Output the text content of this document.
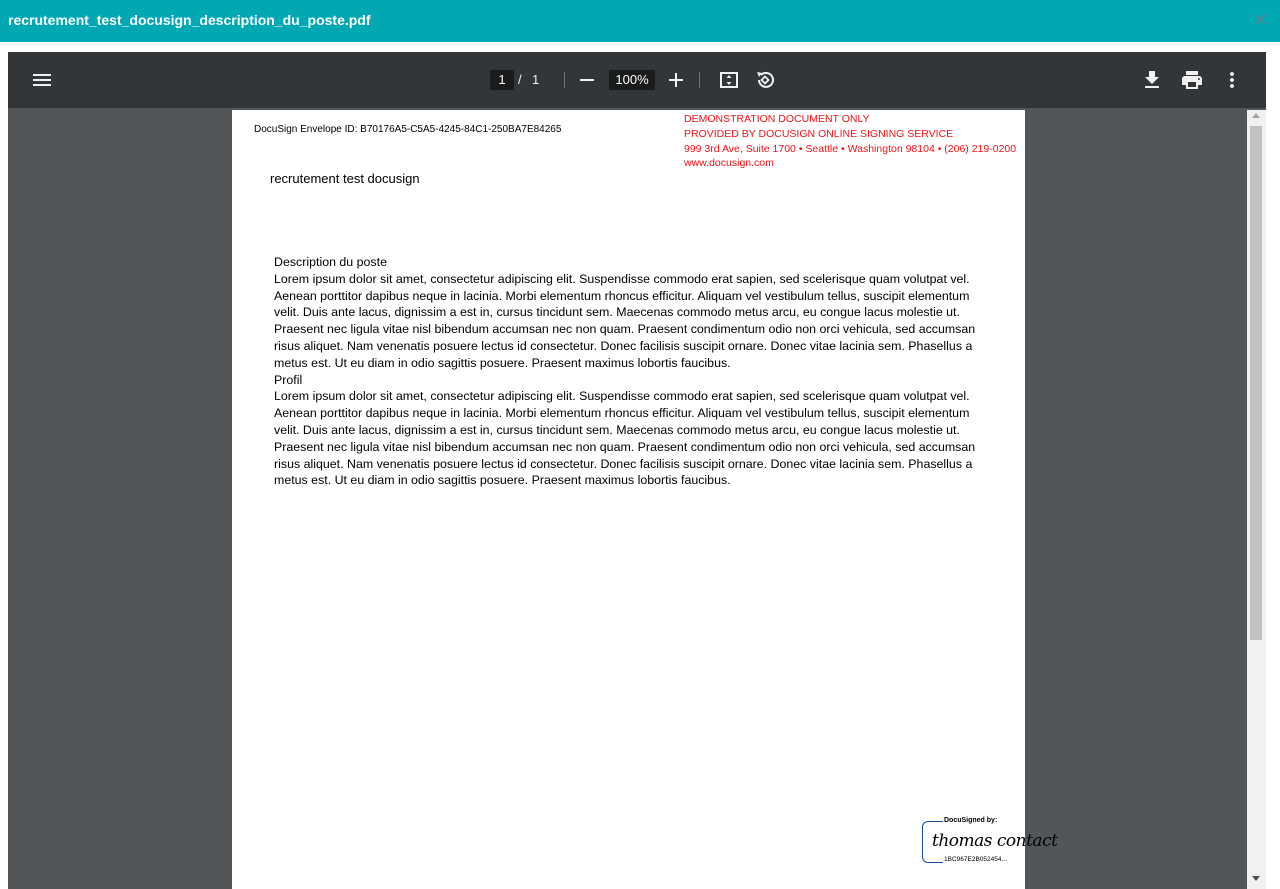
recrutement_test_docusign_description_du_poste.pdf	✕
1 / 1	100%
DocuSign Envelope ID: B70176A5-C5A5-4245-84C1-250BA7E84265
DEMONSTRATION DOCUMENT ONLY
PROVIDED BY DOCUSIGN ONLINE SIGNING SERVICE
999 3rd Ave, Suite 1700 • Seattle • Washington 98104 • (206) 219-0200
www.docusign.com
recrutement test docusign

Description du poste

Lorem ipsum dolor sit amet, consectetur adipiscing elit. Suspendisse commodo erat sapien, sed scelerisque quam volutpat vel. Aenean porttitor dapibus neque in lacinia. Morbi elementum rhoncus efficitur. Aliquam vel vestibulum tellus, suscipit elementum velit. Duis ante lacus, dignissim a est in, cursus tincidunt sem. Maecenas commodo metus arcu, eu congue lacus molestie ut. Praesent nec ligula vitae nisl bibendum accumsan nec non quam. Praesent condimentum odio non orci vehicula, sed accumsan risus aliquet. Nam venenatis posuere lectus id consectetur. Donec facilisis suscipit ornare. Donec vitae lacinia sem. Phasellus a metus est. Ut eu diam in odio sagittis posuere. Praesent maximus lobortis faucibus.

Profil

Lorem ipsum dolor sit amet, consectetur adipiscing elit. Suspendisse commodo erat sapien, sed scelerisque quam volutpat vel. Aenean porttitor dapibus neque in lacinia. Morbi elementum rhoncus efficitur. Aliquam vel vestibulum tellus, suscipit elementum velit. Duis ante lacus, dignissim a est in, cursus tincidunt sem. Maecenas commodo metus arcu, eu congue lacus molestie ut. Praesent nec ligula vitae nisl bibendum accumsan nec non quam. Praesent condimentum odio non orci vehicula, sed accumsan risus aliquet. Nam venenatis posuere lectus id consectetur. Donec facilisis suscipit ornare. Donec vitae lacinia sem. Phasellus a metus est. Ut eu diam in odio sagittis posuere. Praesent maximus lobortis faucibus.

DocuSigned by:
thomas contact
1BC967E2B052454...
